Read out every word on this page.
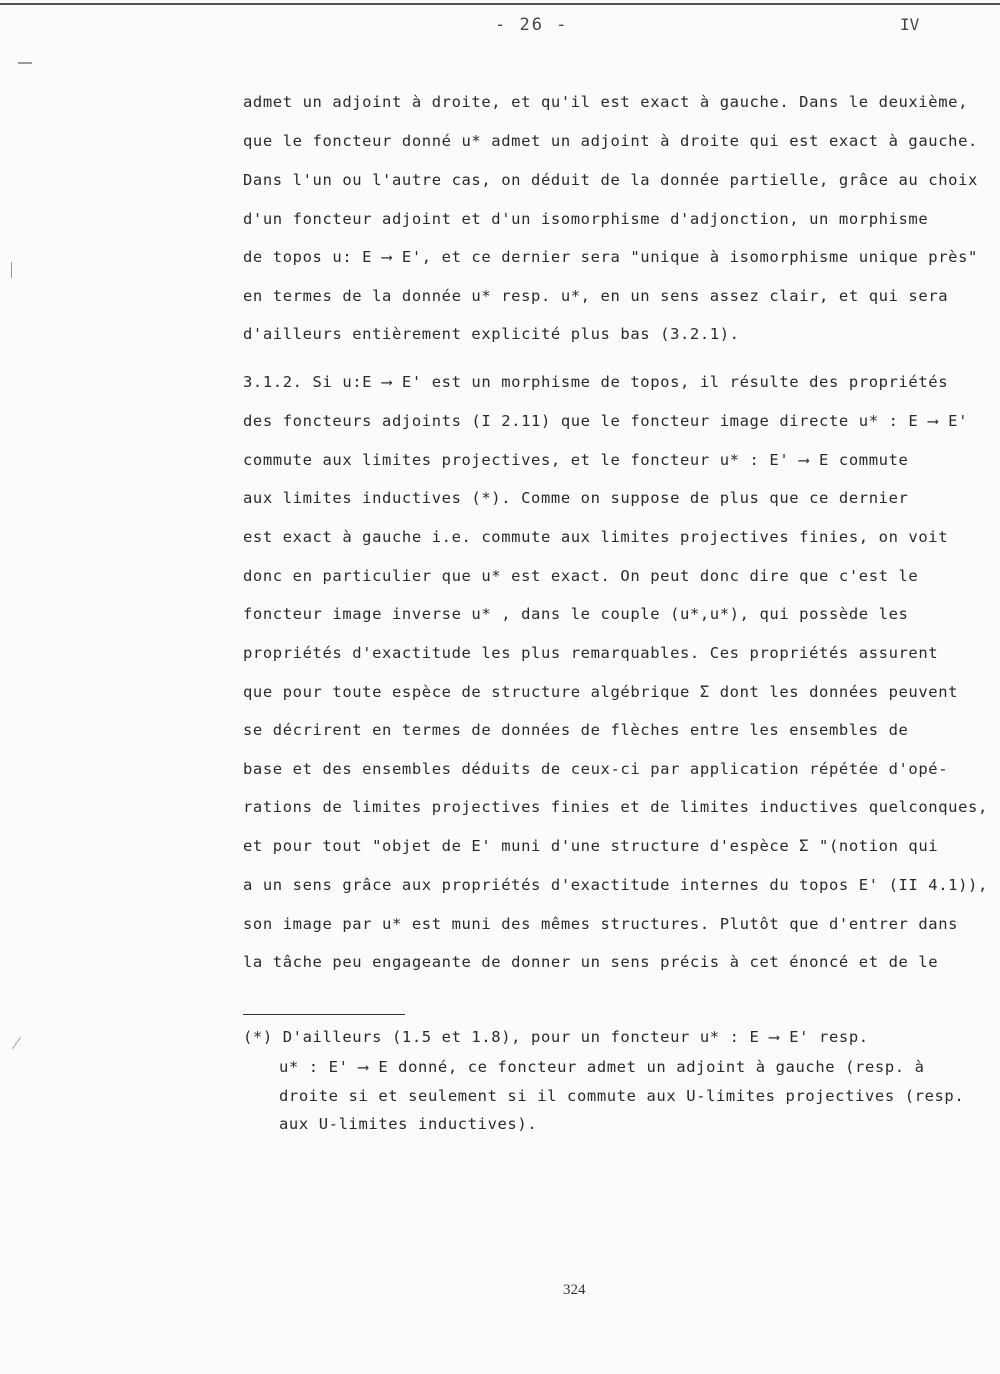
- 26 -	IV
admet un adjoint à droite, et qu'il est exact à gauche. Dans le deuxième,
que le foncteur donné u* admet un adjoint à droite qui est exact à gauche.
Dans l'un ou l'autre cas, on déduit de la donnée partielle, grâce au choix
d'un foncteur adjoint et d'un isomorphisme d'adjonction, un morphisme
de topos u: E ⟶ E', et ce dernier sera "unique à isomorphisme unique près"
en termes de la donnée u* resp. u*, en un sens assez clair, et qui sera
d'ailleurs entièrement explicité plus bas (3.2.1).
3.1.2. Si u:E ⟶ E' est un morphisme de topos, il résulte des propriétés
des foncteurs adjoints (I 2.11) que le foncteur image directe u* : E ⟶ E'
commute aux limites projectives, et le foncteur u* : E' ⟶ E commute
aux limites inductives (*). Comme on suppose de plus que ce dernier
est exact à gauche i.e. commute aux limites projectives finies, on voit
donc en particulier que u* est exact. On peut donc dire que c'est le
foncteur image inverse u* , dans le couple (u*,u*), qui possède les
propriétés d'exactitude les plus remarquables. Ces propriétés assurent
que pour toute espèce de structure algébrique Σ dont les données peuvent
se décrirent en termes de données de flèches entre les ensembles de
base et des ensembles déduits de ceux-ci par application répétée d'opé-
rations de limites projectives finies et de limites inductives quelconques,
et pour tout "objet de E' muni d'une structure d'espèce Σ "(notion qui
a un sens grâce aux propriétés d'exactitude internes du topos E' (II 4.1)),
son image par u* est muni des mêmes structures. Plutôt que d'entrer dans
la tâche peu engageante de donner un sens précis à cet énoncé et de le
(*) D'ailleurs (1.5 et 1.8), pour un foncteur u* : E ⟶ E' resp.
u* : E' ⟶ E donné, ce foncteur admet un adjoint à gauche (resp. à
droite si et seulement si il commute aux U-limites projectives (resp.
aux U-limites inductives).
324
